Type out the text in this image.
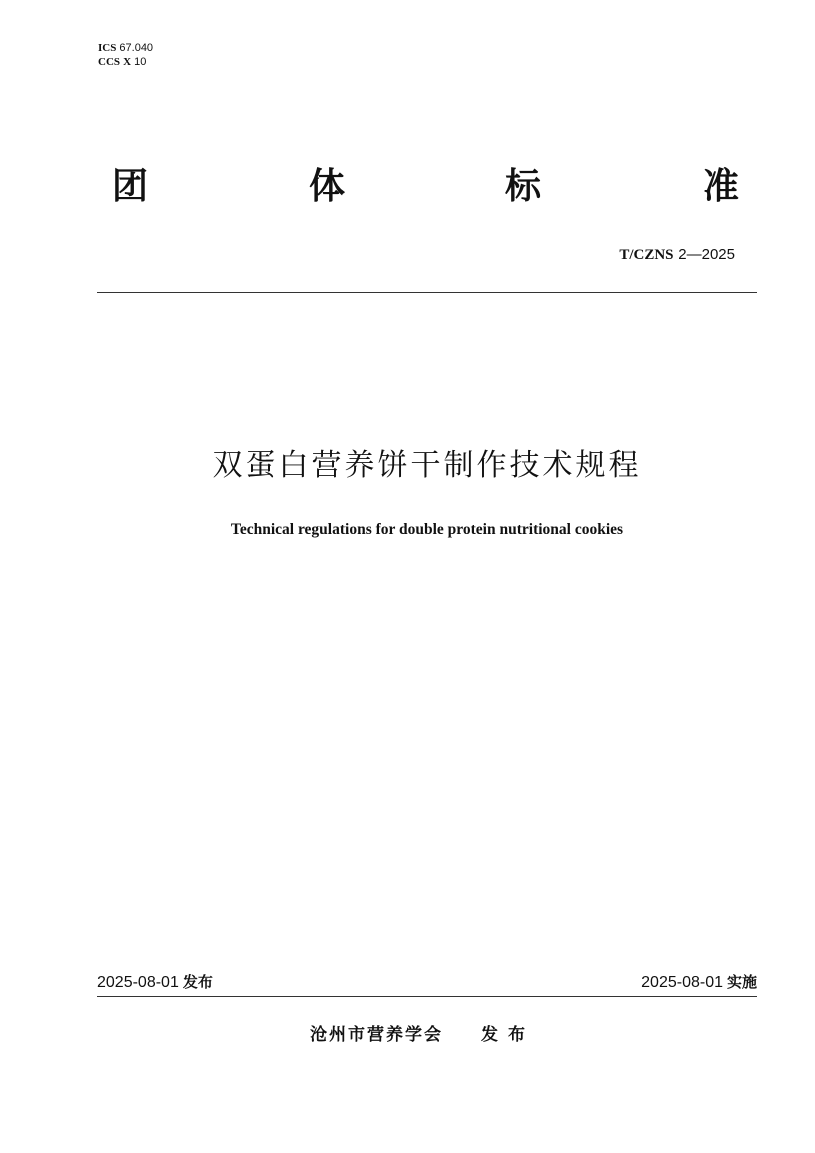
ICS 67.040
CCS X 10
团	体	标	准
T/CZNS 2—2025
双蛋白营养饼干制作技术规程
Technical regulations for double protein nutritional cookies
2025-08-01 发布	2025-08-01 实施
沧州市营养学会 发布
